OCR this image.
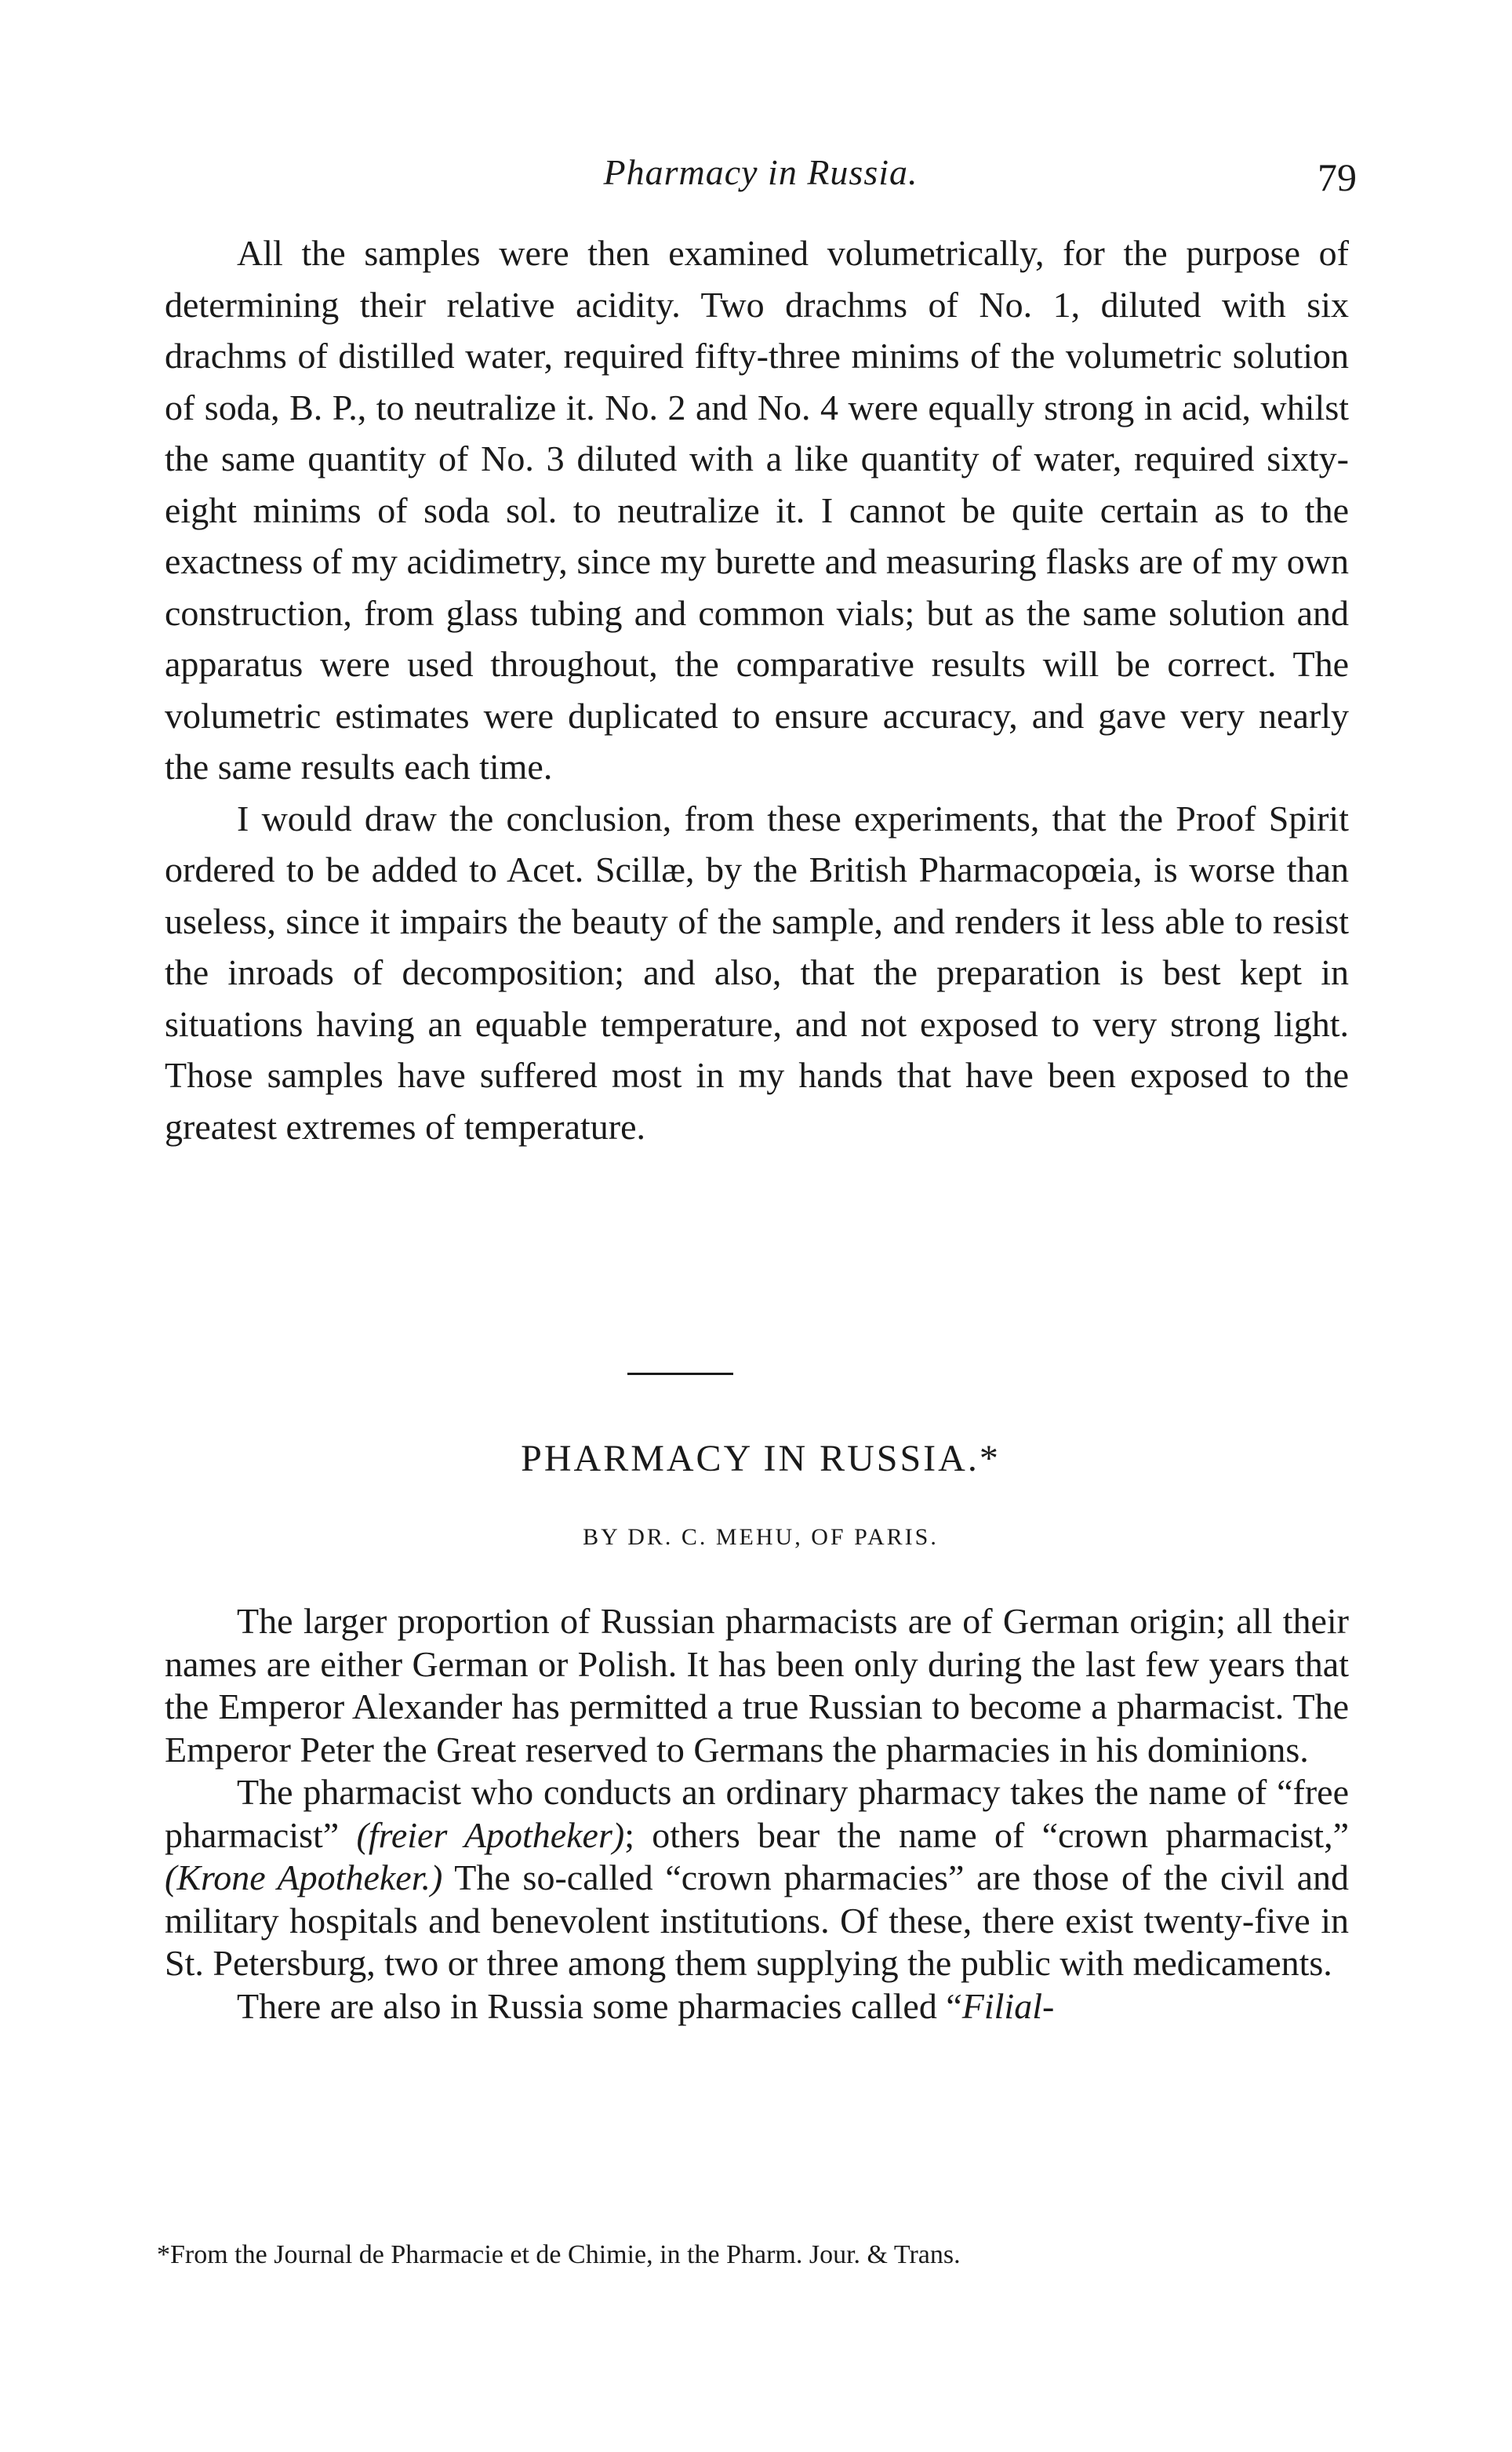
Pharmacy in Russia.	79

All the samples were then examined volumetrically, for the purpose of determining their relative acidity. Two drachms of No. 1, diluted with six drachms of distilled water, required fifty-three minims of the volumetric solution of soda, B. P., to neutralize it. No. 2 and No. 4 were equally strong in acid, whilst the same quantity of No. 3 diluted with a like quantity of water, required sixty-eight minims of soda sol. to neutralize it. I cannot be quite certain as to the exactness of my acidimetry, since my burette and measuring flasks are of my own construction, from glass tubing and common vials; but as the same solution and apparatus were used throughout, the comparative results will be correct. The volumetric estimates were duplicated to ensure accuracy, and gave very nearly the same results each time.

I would draw the conclusion, from these experiments, that the Proof Spirit ordered to be added to Acet. Scillæ, by the British Pharmacopœia, is worse than useless, since it impairs the beauty of the sample, and renders it less able to resist the inroads of decomposition; and also, that the preparation is best kept in situations having an equable temperature, and not exposed to very strong light. Those samples have suffered most in my hands that have been exposed to the greatest extremes of temperature.

PHARMACY IN RUSSIA.*
BY DR. C. MEHU, OF PARIS.

The larger proportion of Russian pharmacists are of German origin; all their names are either German or Polish. It has been only during the last few years that the Emperor Alexander has permitted a true Russian to become a pharmacist. The Emperor Peter the Great reserved to Germans the pharmacies in his dominions.

The pharmacist who conducts an ordinary pharmacy takes the name of “free pharmacist” (freier Apotheker); others bear the name of “crown pharmacist,” (Krone Apotheker.) The so-called “crown pharmacies” are those of the civil and military hospitals and benevolent institutions. Of these, there exist twenty-five in St. Petersburg, two or three among them supplying the public with medicaments.

There are also in Russia some pharmacies called “Filial-

*From the Journal de Pharmacie et de Chimie, in the Pharm. Jour. & Trans.
